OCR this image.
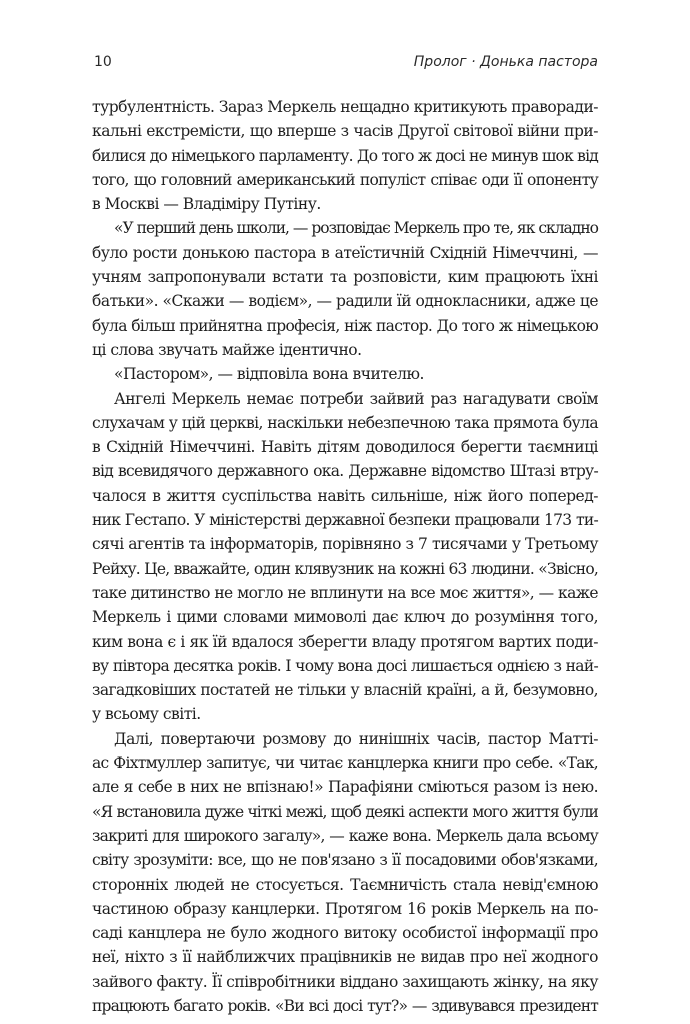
10	Пролог · Донька пастора
турбулентність. Зараз Меркель нещадно критикують праворади-
кальні екстремісти, що вперше з часів Другої світової війни при-
билися до німецького парламенту. До того ж досі не минув шок від
того, що головний американський популіст співає оди її опоненту
в Москві — Владіміру Путіну.
«У перший день школи, — розповідає Меркель про те, як складно
було рости донькою пастора в атеїстичній Східній Німеччині, —
учням запропонували встати та розповісти, ким працюють їхні
батьки». «Скажи — водієм», — радили їй однокласники, адже це
була більш прийнятна професія, ніж пастор. До того ж німецькою
ці слова звучать майже ідентично.
«Пастором», — відповіла вона вчителю.
Ангелі Меркель немає потреби зайвий раз нагадувати своїм
слухачам у цій церкві, наскільки небезпечною така прямота була
в Східній Німеччині. Навіть дітям доводилося берегти таємниці
від всевидячого державного ока. Державне відомство Штазі втру-
чалося в життя суспільства навіть сильніше, ніж його поперед-
ник Гестапо. У міністерстві державної безпеки працювали 173 ти-
сячі агентів та інформаторів, порівняно з 7 тисячами у Третьому
Рейху. Це, вважайте, один клявузник на кожні 63 людини. «Звісно,
таке дитинство не могло не вплинути на все моє життя», — каже
Меркель і цими словами мимоволі дає ключ до розуміння того,
ким вона є і як їй вдалося зберегти владу протягом вартих поди-
ву півтора десятка років. І чому вона досі лишається однією з най-
загадковіших постатей не тільки у власній країні, а й, безумовно,
у всьому світі.
Далі, повертаючи розмову до нинішніх часів, пастор Матті-
ас Фіхтмуллер запитує, чи читає канцлерка книги про себе. «Так,
але я себе в них не впізнаю!» Парафіяни сміються разом із нею.
«Я встановила дуже чіткі межі, щоб деякі аспекти мого життя були
закриті для широкого загалу», — каже вона. Меркель дала всьому
світу зрозуміти: все, що не пов'язано з її посадовими обов'язками,
сторонніх людей не стосується. Таємничість стала невід'ємною
частиною образу канцлерки. Протягом 16 років Меркель на по-
саді канцлера не було жодного витоку особистої інформації про
неї, ніхто з її найближчих працівників не видав про неї жодного
зайвого факту. Її співробітники віддано захищають жінку, на яку
працюють багато років. «Ви всі досі тут?» — здивувався президент
